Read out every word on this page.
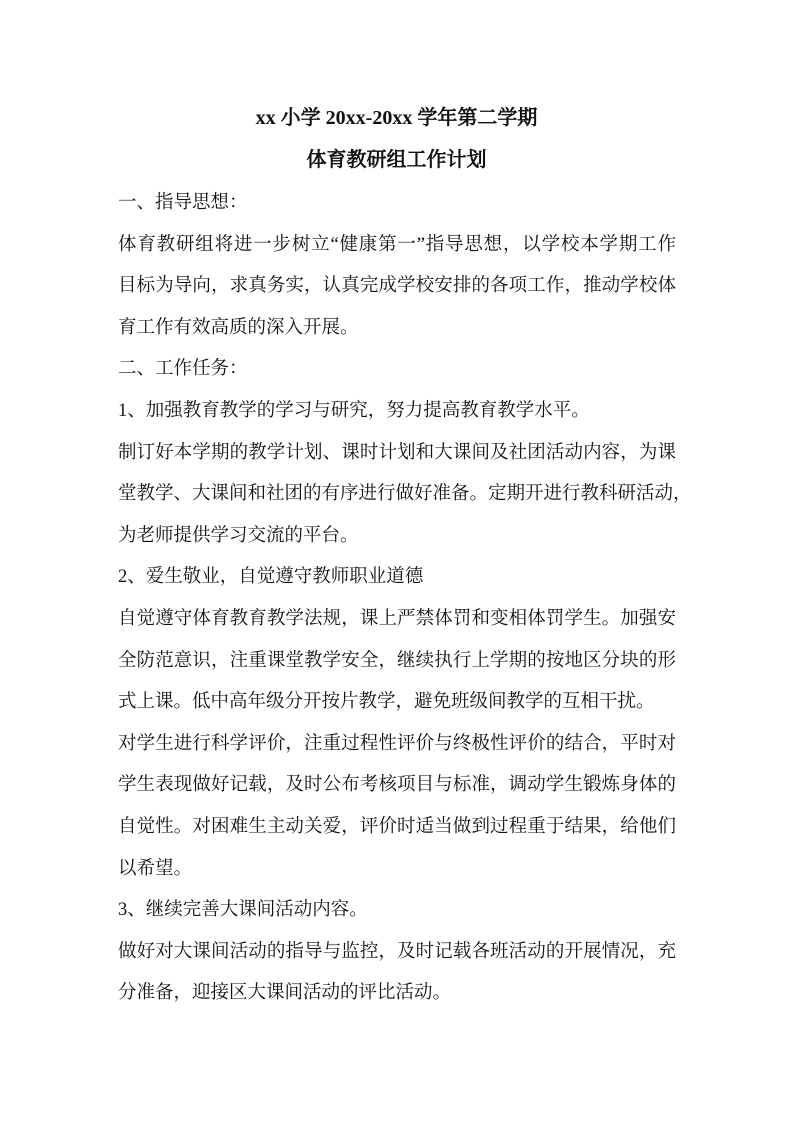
xx 小学 20xx-20xx 学年第二学期
体育教研组工作计划
一、指导思想：
体育教研组将进一步树立“健康第一”指导思想，以学校本学期工作
目标为导向，求真务实，认真完成学校安排的各项工作，推动学校体
育工作有效高质的深入开展。
二、工作任务：
1、加强教育教学的学习与研究，努力提高教育教学水平。
制订好本学期的教学计划、课时计划和大课间及社团活动内容，为课
堂教学、大课间和社团的有序进行做好准备。定期开进行教科研活动，
为老师提供学习交流的平台。
2、爱生敬业，自觉遵守教师职业道德
自觉遵守体育教育教学法规，课上严禁体罚和变相体罚学生。加强安
全防范意识，注重课堂教学安全，继续执行上学期的按地区分块的形
式上课。低中高年级分开按片教学，避免班级间教学的互相干扰。
对学生进行科学评价，注重过程性评价与终极性评价的结合，平时对
学生表现做好记载，及时公布考核项目与标准，调动学生锻炼身体的
自觉性。对困难生主动关爱，评价时适当做到过程重于结果，给他们
以希望。
3、继续完善大课间活动内容。
做好对大课间活动的指导与监控，及时记载各班活动的开展情况，充
分准备，迎接区大课间活动的评比活动。
